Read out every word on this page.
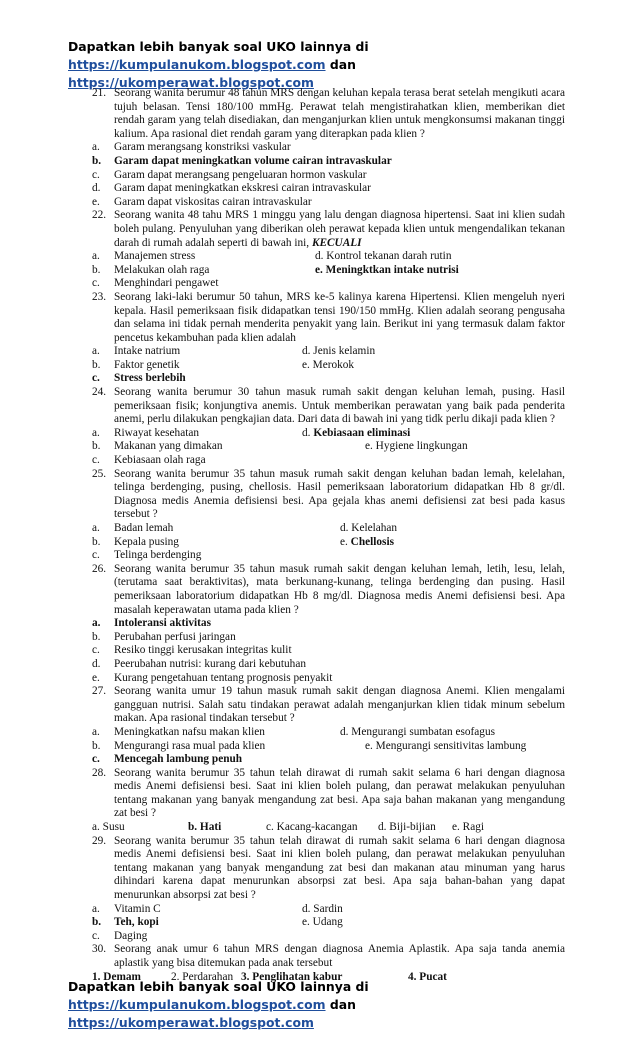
Dapatkan lebih banyak soal UKO lainnya di
https://kumpulanukom.blogspot.com dan https://ukomperawat.blogspot.com
21. Seorang wanita berumur 48 tahun MRS dengan keluhan kepala terasa berat setelah mengikuti acara tujuh belasan. Tensi 180/100 mmHg. Perawat telah mengistirahatkan klien, memberikan diet rendah garam yang telah disediakan, dan menganjurkan klien untuk mengkonsumsi makanan tinggi kalium. Apa rasional diet rendah garam yang diterapkan pada klien ?
a. Garam merangsang konstriksi vaskular
b. Garam dapat meningkatkan volume cairan intravaskular
c. Garam dapat merangsang pengeluaran hormon vaskular
d. Garam dapat meningkatkan ekskresi cairan intravaskular
e. Garam dapat viskositas cairan intravaskular
22. Seorang wanita 48 tahu MRS 1 minggu yang lalu dengan diagnosa hipertensi. Saat ini klien sudah boleh pulang. Penyuluhan yang diberikan oleh perawat kepada klien untuk mengendalikan tekanan darah di rumah adalah seperti di bawah ini, KECUALI
a. Manajemen stress	d. Kontrol tekanan darah rutin
b. Melakukan olah raga	e. Meningktkan intake nutrisi
c. Menghindari pengawet
23. Seorang laki-laki berumur 50 tahun, MRS ke-5 kalinya karena Hipertensi. Klien mengeluh nyeri kepala. Hasil pemeriksaan fisik didapatkan tensi 190/150 mmHg. Klien adalah seorang pengusaha dan selama ini tidak pernah menderita penyakit yang lain. Berikut ini yang termasuk dalam faktor pencetus kekambuhan pada klien adalah
a. Intake natrium	d. Jenis kelamin
b. Faktor genetik	e. Merokok
c. Stress berlebih
24. Seorang wanita berumur 30 tahun masuk rumah sakit dengan keluhan lemah, pusing. Hasil pemeriksaan fisik; konjungtiva anemis. Untuk memberikan perawatan yang baik pada penderita anemi, perlu dilakukan pengkajian data. Dari data di bawah ini yang tidk perlu dikaji pada klien ?
a. Riwayat kesehatan	d. Kebiasaan eliminasi
b. Makanan yang dimakan	e. Hygiene lingkungan
c. Kebiasaan olah raga
25. Seorang wanita berumur 35 tahun masuk rumah sakit dengan keluhan badan lemah, kelelahan, telinga berdenging, pusing, chellosis. Hasil pemeriksaan laboratorium didapatkan Hb 8 gr/dl. Diagnosa medis Anemia defisiensi besi. Apa gejala khas anemi defisiensi zat besi pada kasus tersebut ?
a. Badan lemah	d. Kelelahan
b. Kepala pusing	e. Chellosis
c. Telinga berdenging
26. Seorang wanita berumur 35 tahun masuk rumah sakit dengan keluhan lemah, letih, lesu, lelah,(terutama saat beraktivitas), mata berkunang-kunang, telinga berdenging dan pusing. Hasil pemeriksaan laboratorium didapatkan Hb 8 mg/dl. Diagnosa medis Anemi defisiensi besi. Apa masalah keperawatan utama pada klien ?
a. Intoleransi aktivitas
b. Perubahan perfusi jaringan
c. Resiko tinggi kerusakan integritas kulit
d. Peerubahan nutrisi: kurang dari kebutuhan
e. Kurang pengetahuan tentang prognosis penyakit
27. Seorang wanita umur 19 tahun masuk rumah sakit dengan diagnosa Anemi. Klien mengalami gangguan nutrisi. Salah satu tindakan perawat adalah menganjurkan klien tidak minum sebelum makan. Apa rasional tindakan tersebut ?
a. Meningkatkan nafsu makan klien	d. Mengurangi sumbatan esofagus
b. Mengurangi rasa mual pada klien	e. Mengurangi sensitivitas lambung
c. Mencegah lambung penuh
28. Seorang wanita berumur 35 tahun telah dirawat di rumah sakit selama 6 hari dengan diagnosa medis Anemi defisiensi besi. Saat ini klien boleh pulang, dan perawat melakukan penyuluhan tentang makanan yang banyak mengandung zat besi. Apa saja bahan makanan yang mengandung zat besi ?
a. Susu	b. Hati	c. Kacang-kacangan d. Biji-bijian e. Ragi
29. Seorang wanita berumur 35 tahun telah dirawat di rumah sakit selama 6 hari dengan diagnosa medis Anemi defisiensi besi. Saat ini klien boleh pulang, dan perawat melakukan penyuluhan tentang makanan yang banyak mengandung zat besi dan makanan atau minuman yang harus dihindari karena dapat menurunkan absorpsi zat besi. Apa saja bahan-bahan yang dapat menurunkan absorpsi zat besi ?
a. Vitamin C	d. Sardin
b. Teh, kopi	e. Udang
c. Daging
30. Seorang anak umur 6 tahun MRS dengan diagnosa Anemia Aplastik. Apa saja tanda anemia aplastik yang bisa ditemukan pada anak tersebut
1. Demam	2. Perdarahan 3. Penglihatan kabur	4. Pucat
Dapatkan lebih banyak soal UKO lainnya di
https://kumpulanukom.blogspot.com dan https://ukomperawat.blogspot.com
